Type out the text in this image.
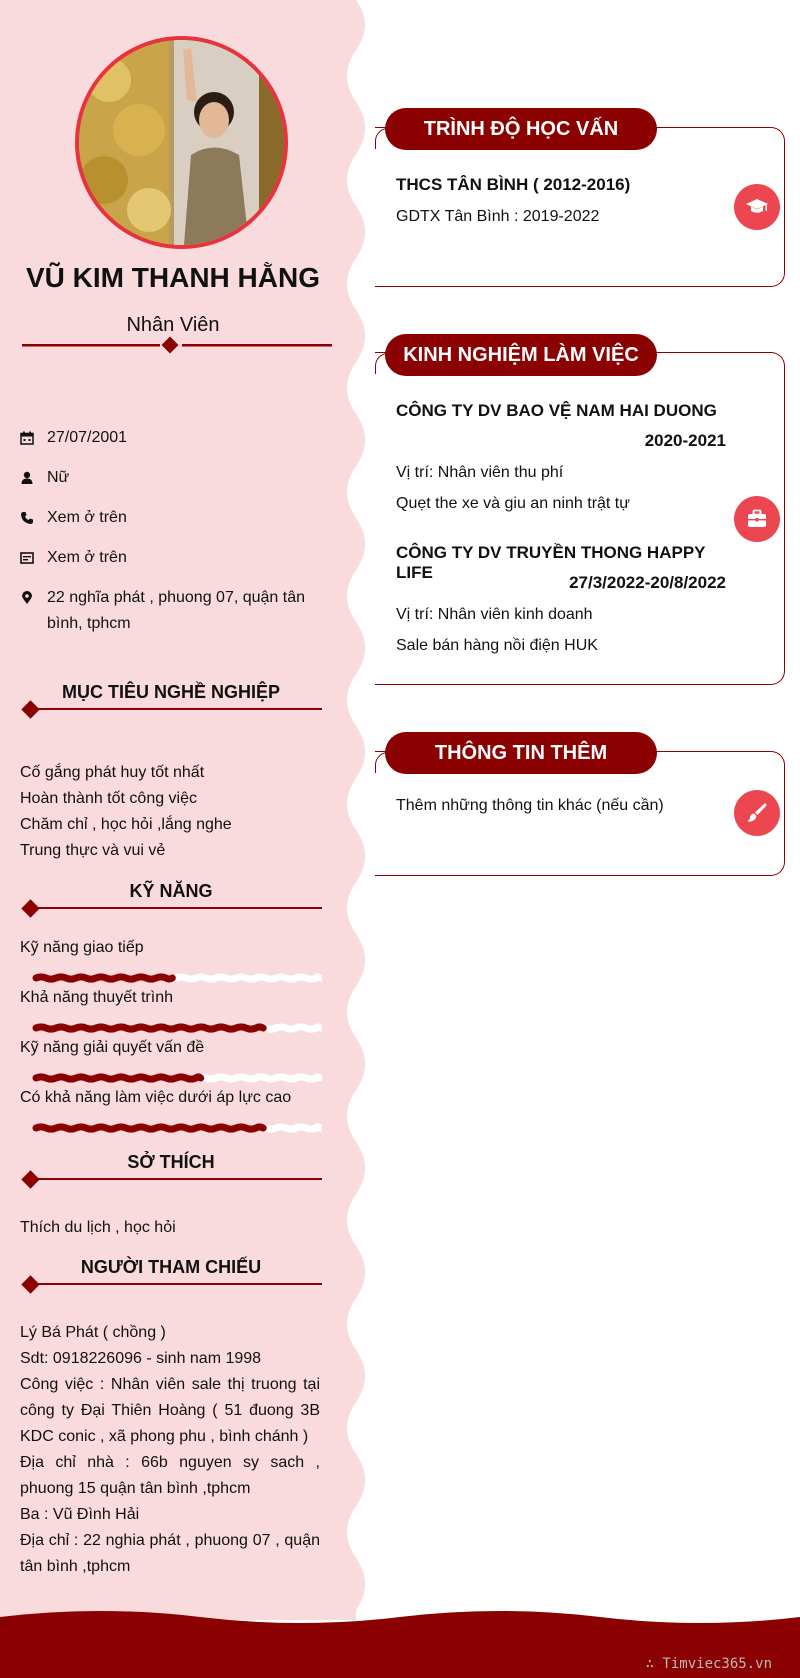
VŨ KIM THANH HẰNG
Nhân Viên
27/07/2001
Nữ
Xem ở trên
Xem ở trên
22 nghĩa phát , phuong 07, quận tân bình, tphcm
MỤC TIÊU NGHỀ NGHIỆP
Cố gắng phát huy tốt nhất
Hoàn thành tốt công việc
Chăm chỉ , học hỏi ,lắng nghe
Trung thực và vui vẻ
KỸ NĂNG
Kỹ năng giao tiếp
Khả năng thuyết trình
Kỹ năng giải quyết vấn đề
Có khả năng làm việc dưới áp lực cao
SỞ THÍCH
Thích du lịch , học hỏi
NGƯỜI THAM CHIẾU
Lý Bá Phát ( chồng )
Sdt: 0918226096 - sinh nam 1998
Công việc : Nhân viên sale thị truong tại công ty Đại Thiên Hoàng ( 51 đuong 3B KDC conic , xã phong phu , bình chánh )
Địa chỉ nhà : 66b nguyen sy sach , phuong 15 quận tân bình ,tphcm
Ba : Vũ Đình Hải
Địa chỉ : 22 nghia phát , phuong 07 , quận tân bình ,tphcm
TRÌNH ĐỘ HỌC VẤN
THCS TÂN BÌNH ( 2012-2016)
GDTX Tân Bình : 2019-2022
KINH NGHIỆM LÀM VIỆC
CÔNG TY DV BAO VỆ NAM HAI DUONG
2020-2021
Vị trí: Nhân viên thu phí
Quẹt the xe và giu an ninh trật tự
CÔNG TY DV TRUYỀN THONG HAPPY LIFE
27/3/2022-20/8/2022
Vị trí: Nhân viên kinh doanh
Sale bán hàng nồi điện HUK
THÔNG TIN THÊM
Thêm những thông tin khác (nếu cần)
∴ Timviec365.vn
